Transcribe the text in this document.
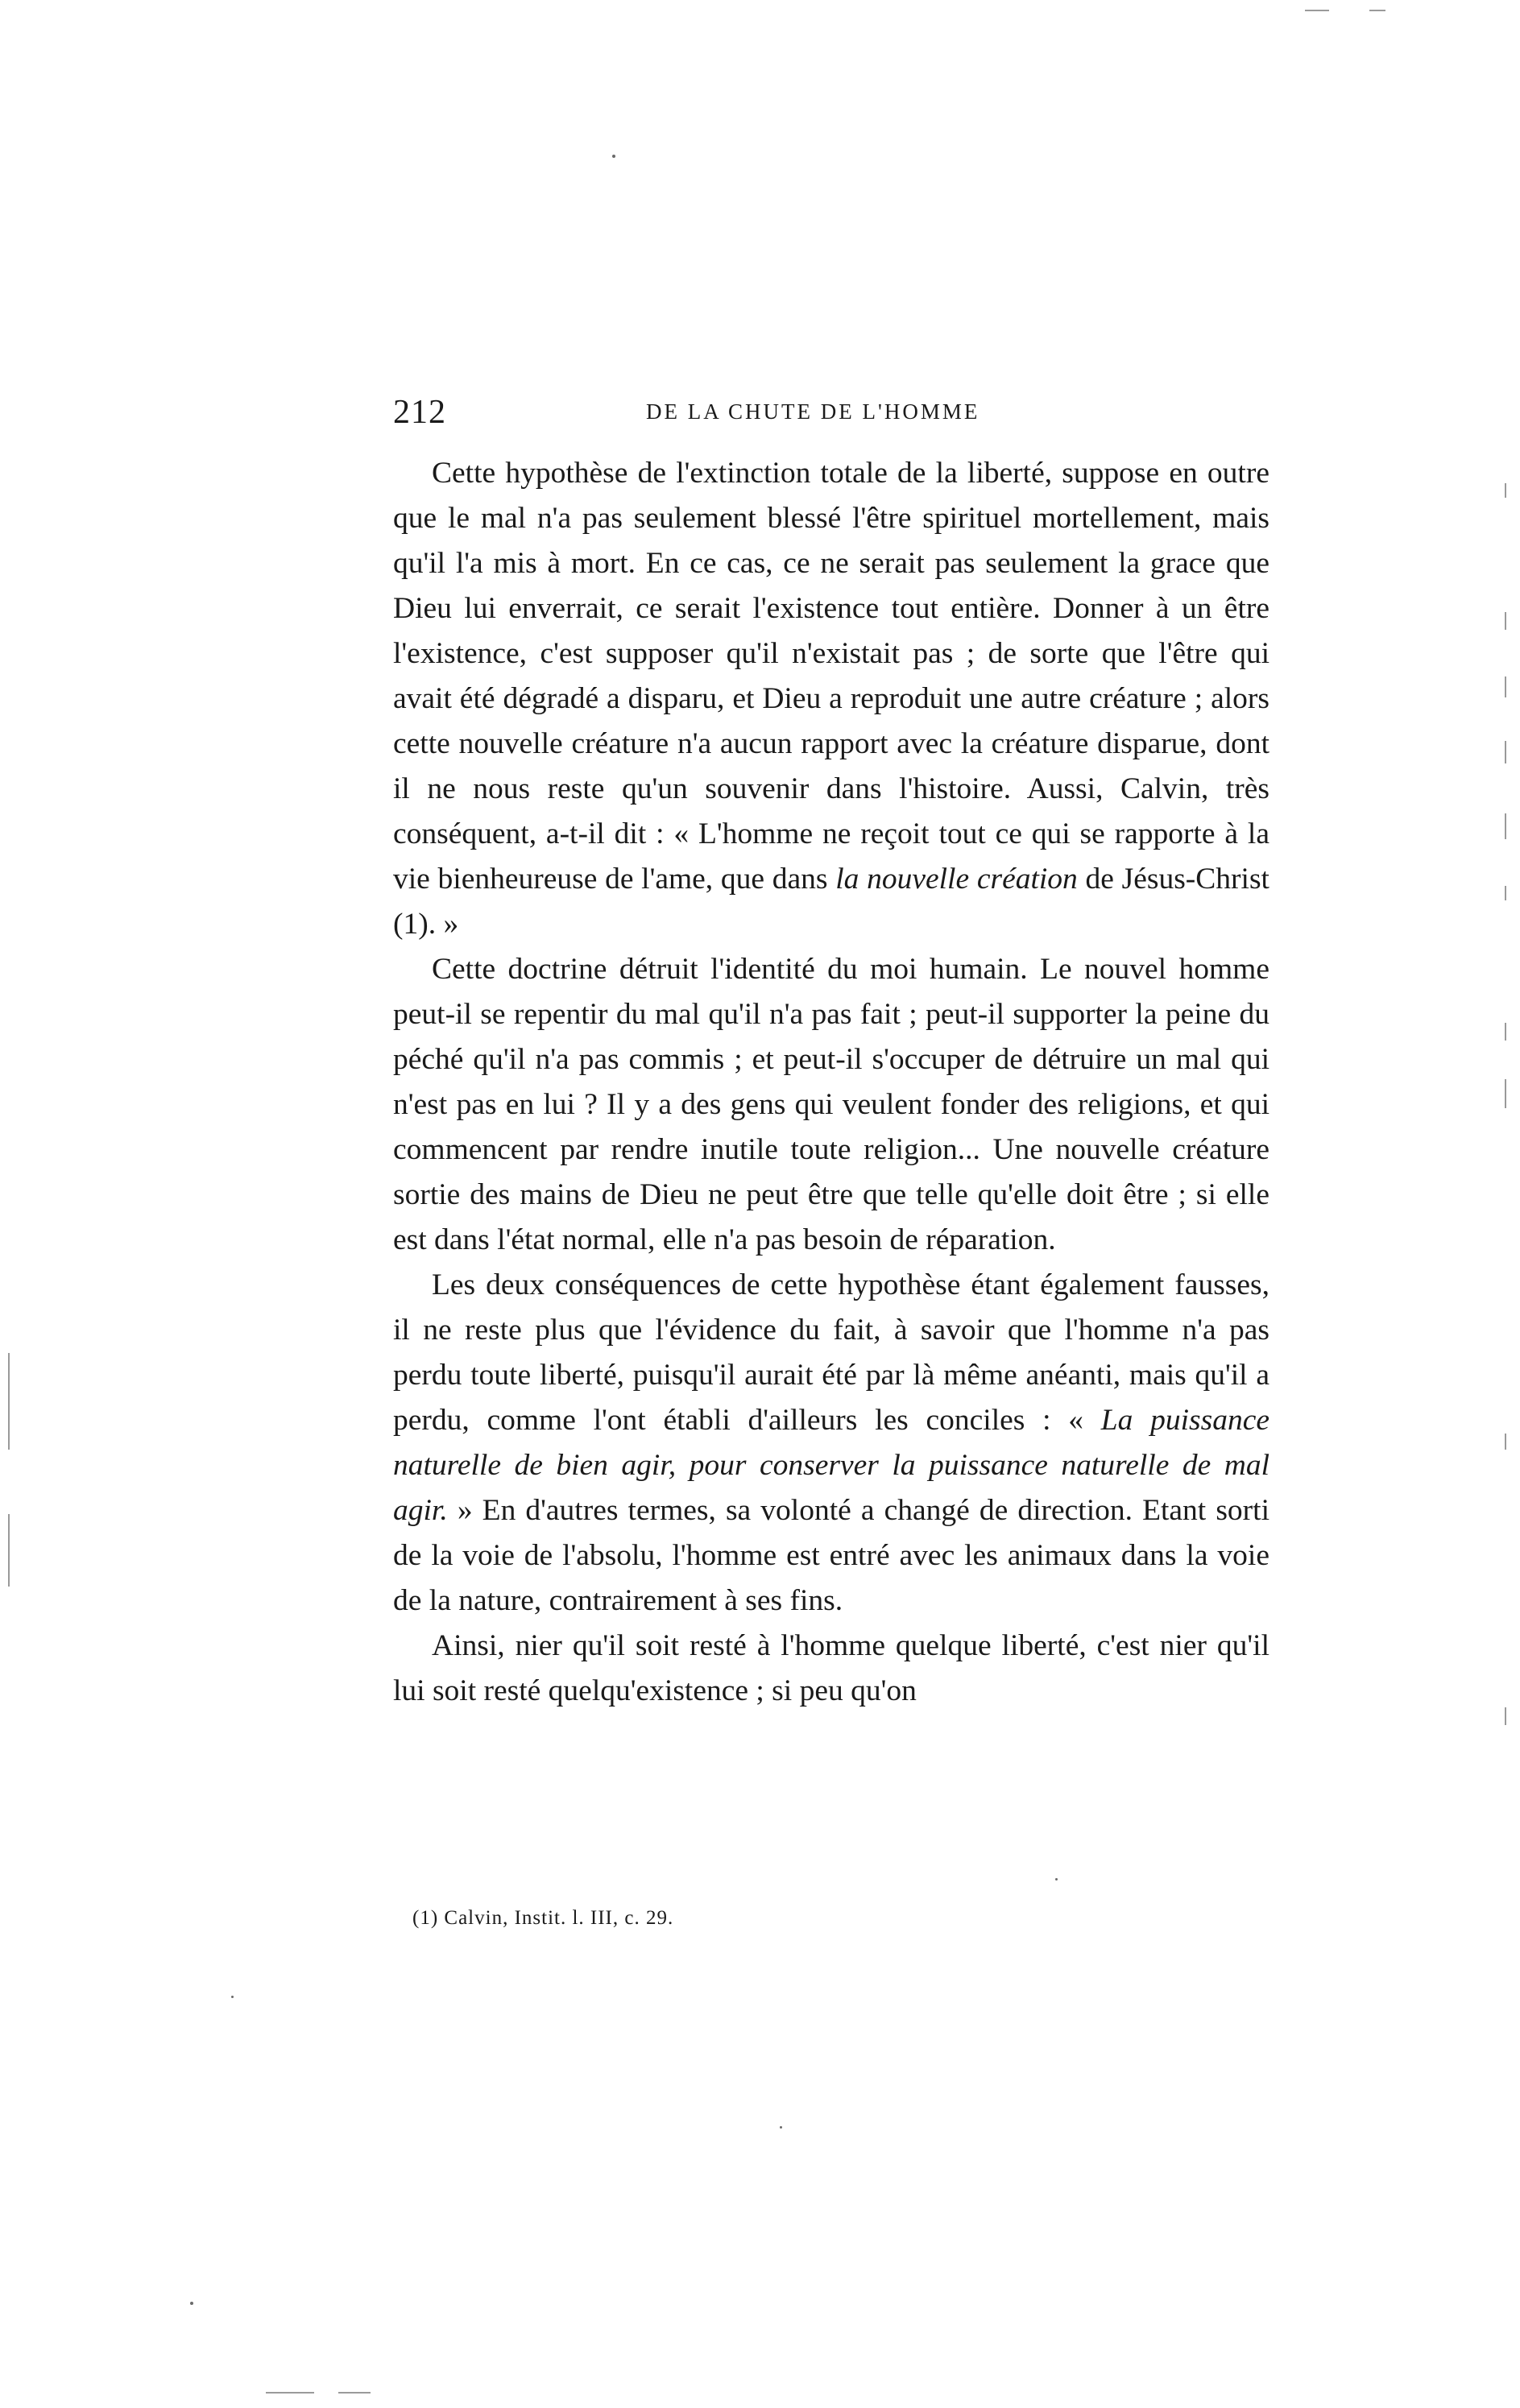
212	DE LA CHUTE DE L'HOMME

Cette hypothèse de l'extinction totale de la liberté, suppose en outre que le mal n'a pas seulement blessé l'être spirituel mortellement, mais qu'il l'a mis à mort. En ce cas, ce ne serait pas seulement la grace que Dieu lui enverrait, ce serait l'existence tout entière. Donner à un être l'existence, c'est supposer qu'il n'existait pas ; de sorte que l'être qui avait été dégradé a disparu, et Dieu a reproduit une autre créature ; alors cette nouvelle créature n'a aucun rapport avec la créature disparue, dont il ne nous reste qu'un souvenir dans l'histoire. Aussi, Calvin, très conséquent, a-t-il dit : « L'homme ne reçoit tout ce qui se rapporte à la vie bienheureuse de l'ame, que dans la nouvelle création de Jésus-Christ (1). »

Cette doctrine détruit l'identité du moi humain. Le nouvel homme peut-il se repentir du mal qu'il n'a pas fait ; peut-il supporter la peine du péché qu'il n'a pas commis ; et peut-il s'occuper de détruire un mal qui n'est pas en lui ? Il y a des gens qui veulent fonder des religions, et qui commencent par rendre inutile toute religion... Une nouvelle créature sortie des mains de Dieu ne peut être que telle qu'elle doit être ; si elle est dans l'état normal, elle n'a pas besoin de réparation.

Les deux conséquences de cette hypothèse étant également fausses, il ne reste plus que l'évidence du fait, à savoir que l'homme n'a pas perdu toute liberté, puisqu'il aurait été par là même anéanti, mais qu'il a perdu, comme l'ont établi d'ailleurs les conciles : « La puissance naturelle de bien agir, pour conserver la puissance naturelle de mal agir. » En d'autres termes, sa volonté a changé de direction. Etant sorti de la voie de l'absolu, l'homme est entré avec les animaux dans la voie de la nature, contrairement à ses fins.

Ainsi, nier qu'il soit resté à l'homme quelque liberté, c'est nier qu'il lui soit resté quelqu'existence ; si peu qu'on

(1) Calvin, Instit. l. III, c. 29.
